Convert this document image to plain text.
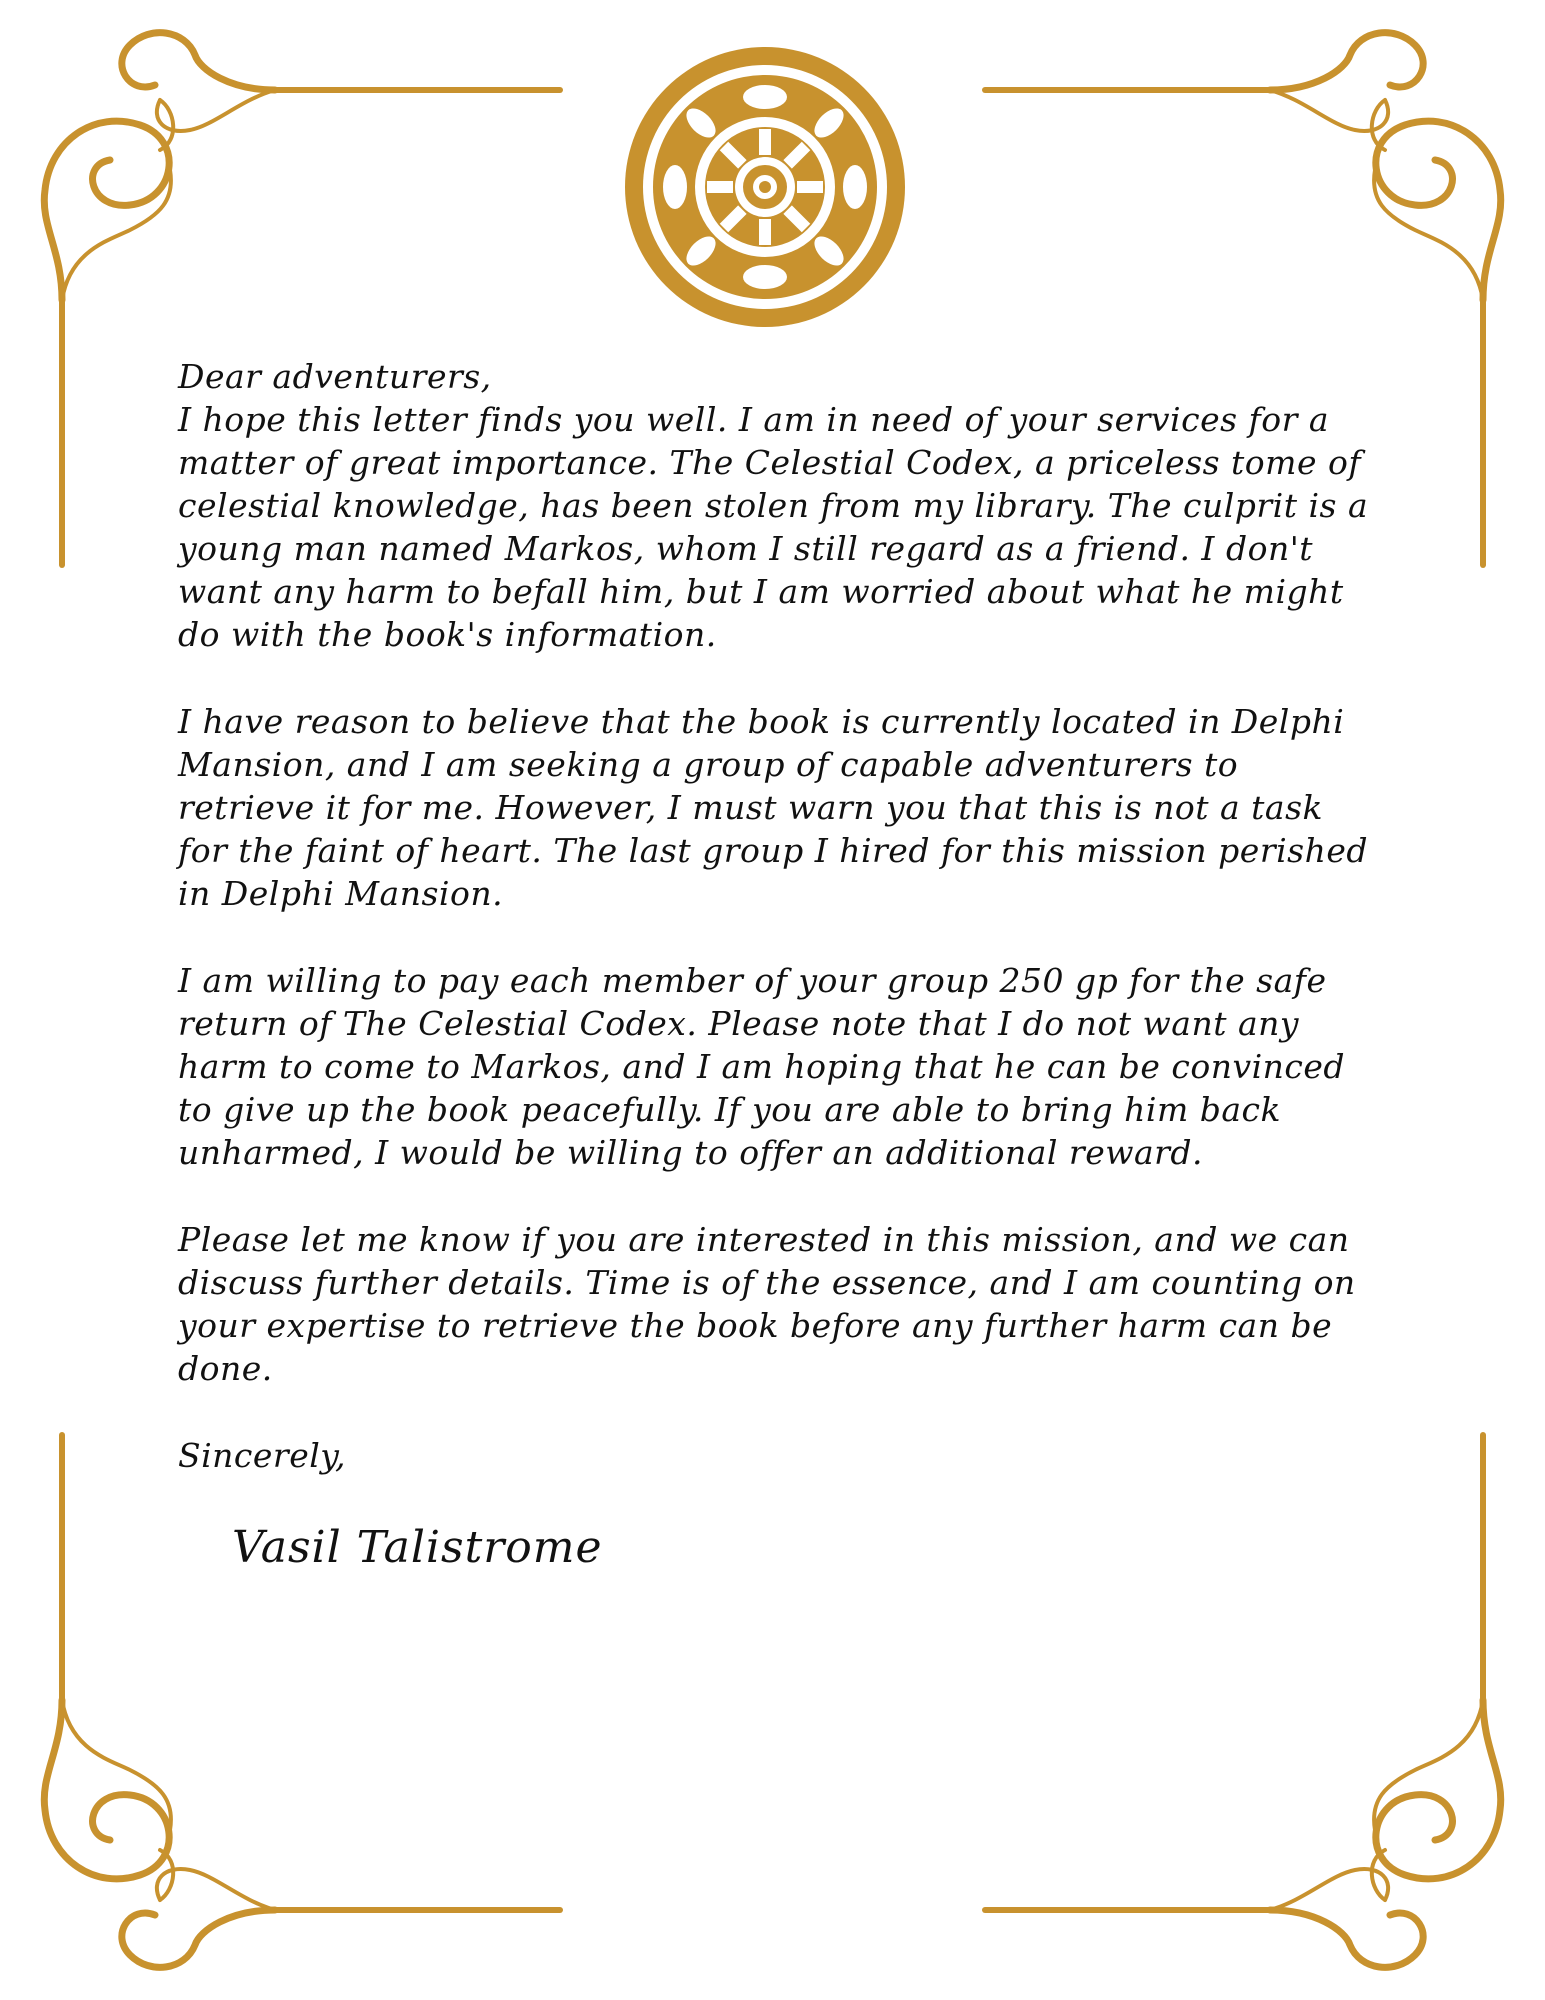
Dear adventurers,

I hope this letter finds you well. I am in need of your services for a matter of great importance. The Celestial Codex, a priceless tome of celestial knowledge, has been stolen from my library. The culprit is a young man named Markos, whom I still regard as a friend. I don't want any harm to befall him, but I am worried about what he might do with the book's information.

I have reason to believe that the book is currently located in Delphi Mansion, and I am seeking a group of capable adventurers to retrieve it for me. However, I must warn you that this is not a task for the faint of heart. The last group I hired for this mission perished in Delphi Mansion.

I am willing to pay each member of your group 250 gp for the safe return of The Celestial Codex. Please note that I do not want any harm to come to Markos, and I am hoping that he can be convinced to give up the book peacefully. If you are able to bring him back unharmed, I would be willing to offer an additional reward.

Please let me know if you are interested in this mission, and we can discuss further details. Time is of the essence, and I am counting on your expertise to retrieve the book before any further harm can be done.

Sincerely,

Vasil Talistrome
